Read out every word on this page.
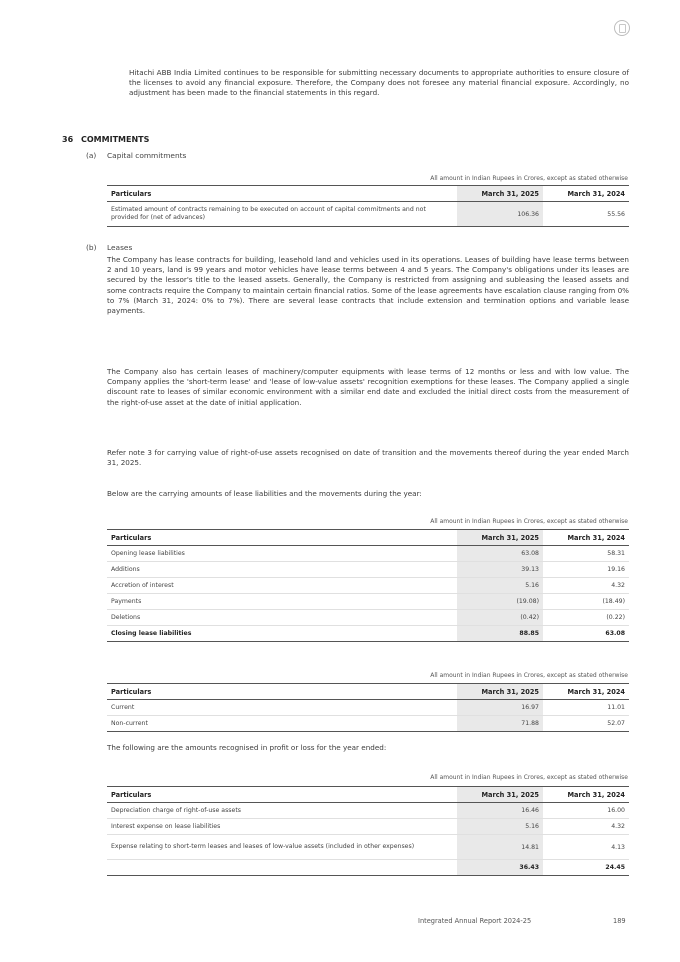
Hitachi ABB India Limited continues to be responsible for submitting necessary documents to appropriate authorities to ensure closure of the licenses to avoid any financial exposure. Therefore, the Company does not foresee any material financial exposure. Accordingly, no adjustment has been made to the financial statements in this regard.
36 COMMITMENTS
(a) Capital commitments
All amount in Indian Rupees in Crores, except as stated otherwise
Particulars	March 31, 2025	March 31, 2024
Estimated amount of contracts remaining to be executed on account of capital commitments and not provided for (net of advances)	106.36	55.56
(b) Leases
The Company has lease contracts for building, leasehold land and vehicles used in its operations. Leases of building have lease terms between 2 and 10 years, land is 99 years and motor vehicles have lease terms between 4 and 5 years. The Company's obligations under its leases are secured by the lessor's title to the leased assets. Generally, the Company is restricted from assigning and subleasing the leased assets and some contracts require the Company to maintain certain financial ratios. Some of the lease agreements have escalation clause ranging from 0% to 7% (March 31, 2024: 0% to 7%). There are several lease contracts that include extension and termination options and variable lease payments.
The Company also has certain leases of machinery/computer equipments with lease terms of 12 months or less and with low value. The Company applies the 'short-term lease' and 'lease of low-value assets' recognition exemptions for these leases. The Company applied a single discount rate to leases of similar economic environment with a similar end date and excluded the initial direct costs from the measurement of the right-of-use asset at the date of initial application.
Refer note 3 for carrying value of right-of-use assets recognised on date of transition and the movements thereof during the year ended March 31, 2025.
Below are the carrying amounts of lease liabilities and the movements during the year:
All amount in Indian Rupees in Crores, except as stated otherwise
Particulars	March 31, 2025	March 31, 2024
Opening lease liabilities	63.08	58.31
Additions	39.13	19.16
Accretion of interest	5.16	4.32
Payments	(19.08)	(18.49)
Deletions	(0.42)	(0.22)
Closing lease liabilities	88.85	63.08
All amount in Indian Rupees in Crores, except as stated otherwise
Particulars	March 31, 2025	March 31, 2024
Current	16.97	11.01
Non-current	71.88	52.07
The following are the amounts recognised in profit or loss for the year ended:
All amount in Indian Rupees in Crores, except as stated otherwise
Particulars	March 31, 2025	March 31, 2024
Depreciation charge of right-of-use assets	16.46	16.00
Interest expense on lease liabilities	5.16	4.32
Expense relating to short-term leases and leases of low-value assets (included in other expenses)	14.81	4.13
	36.43	24.45
Integrated Annual Report 2024-25	189
